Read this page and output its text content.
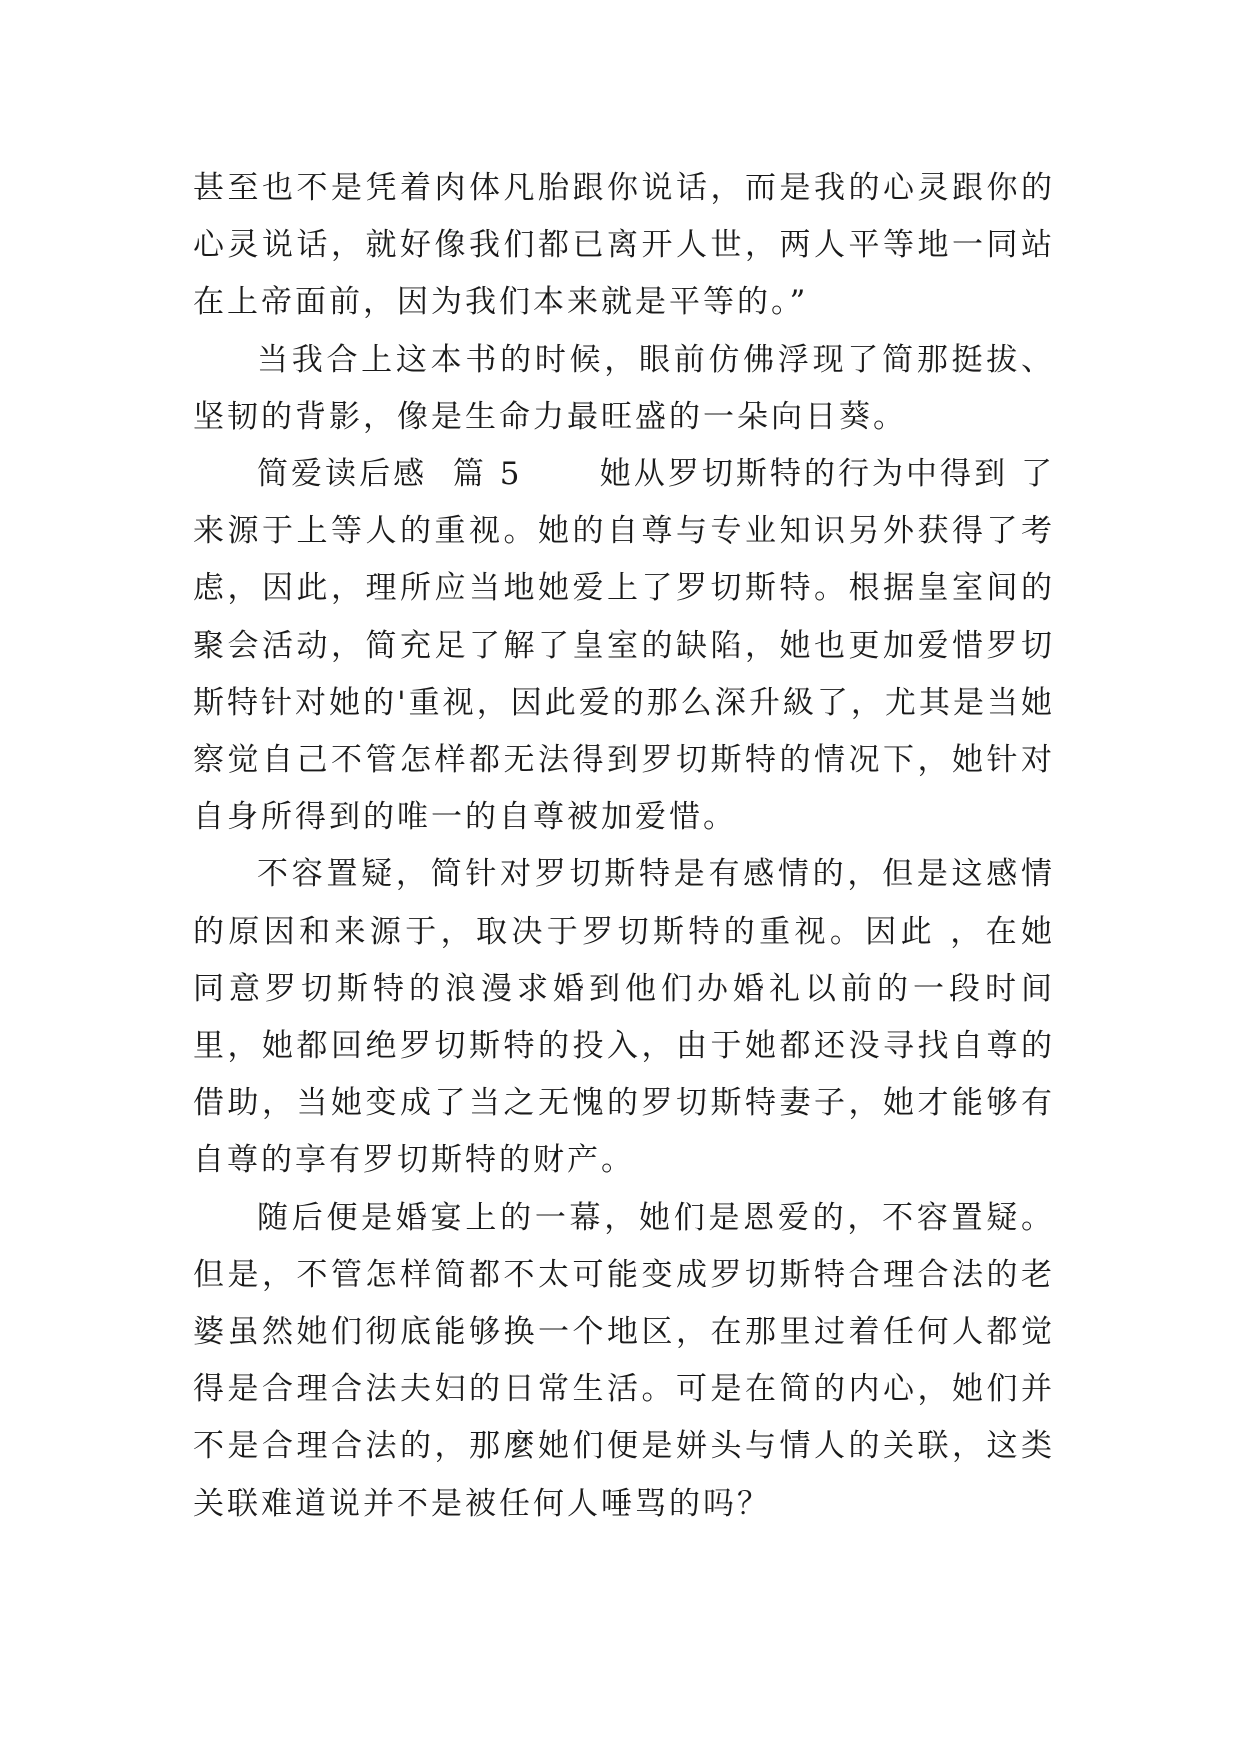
甚至也不是凭着肉体凡胎跟你说话，而是我的心灵跟你的心灵说话，就好像我们都已离开人世，两人平等地一同站在上帝面前，因为我们本来就是平等的。”

当我合上这本书的时候，眼前仿佛浮现了简那挺拔、坚韧的背影，像是生命力最旺盛的一朵向日葵。

简爱读后感  篇 5      她从罗切斯特的行为中得到 了来源于上等人的重视。她的自尊与专业知识另外获得了考虑，因此，理所应当地她爱上了罗切斯特。根据皇室间的聚会活动，简充足了解了皇室的缺陷，她也更加爱惜罗切斯特针对她的'重视，因此爱的那么深升級了，尤其是当她察觉自己不管怎样都无法得到罗切斯特的情况下，她针对自身所得到的唯一的自尊被加爱惜。

不容置疑，简针对罗切斯特是有感情的，但是这感情的原因和来源于，取决于罗切斯特的重视。因此 ，在她同意罗切斯特的浪漫求婚到他们办婚礼以前的一段时间里，她都回绝罗切斯特的投入，由于她都还没寻找自尊的借助，当她变成了当之无愧的罗切斯特妻子，她才能够有自尊的享有罗切斯特的财产。

随后便是婚宴上的一幕，她们是恩爱的，不容置疑。但是，不管怎样简都不太可能变成罗切斯特合理合法的老婆虽然她们彻底能够换一个地区，在那里过着任何人都觉得是合理合法夫妇的日常生活。可是在简的内心，她们并不是合理合法的，那麼她们便是姘头与情人的关联，这类关联难道说并不是被任何人唾骂的吗？
